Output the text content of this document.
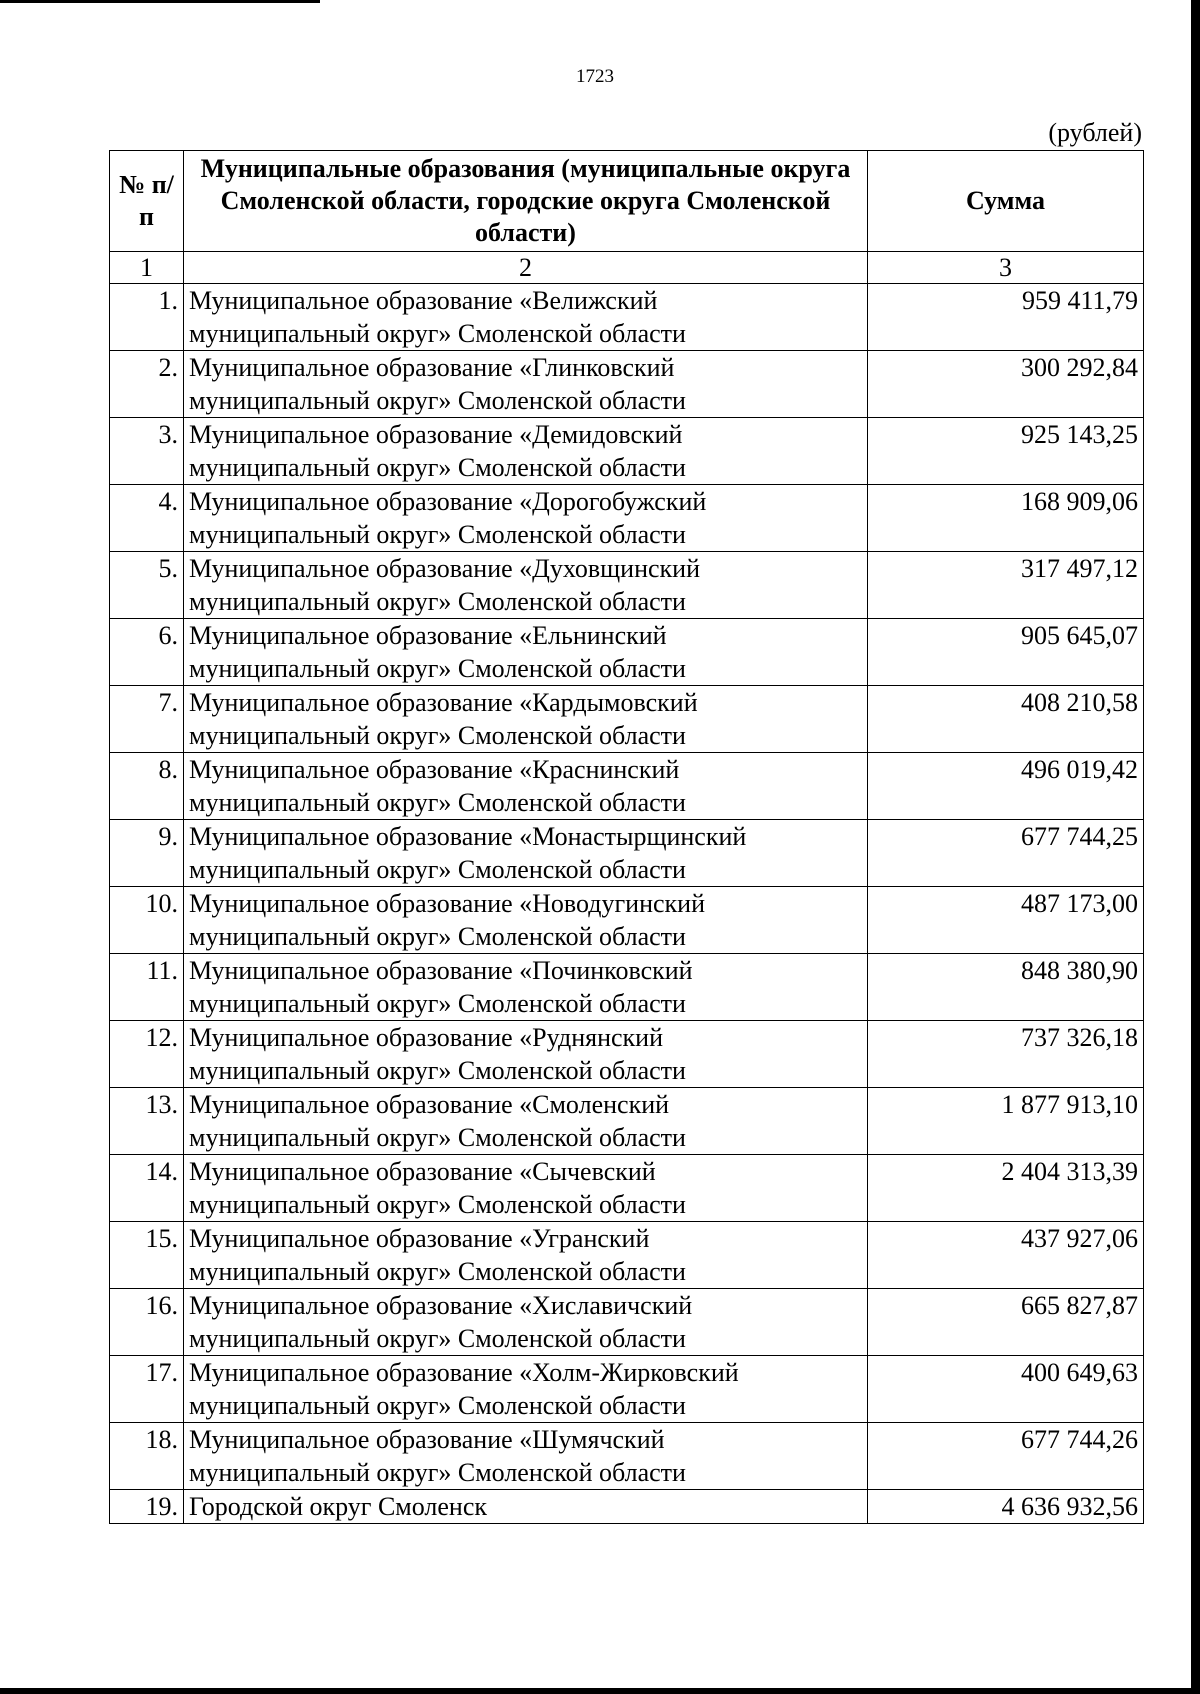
1723
(рублей)
№ п/п	Муниципальные образования (муниципальные округа Смоленской области, городские округа Смоленской области)	Сумма
1	2	3
1.	Муниципальное образование «Велижский
муниципальный округ» Смоленской области	959 411,79
2.	Муниципальное образование «Глинковский
муниципальный округ» Смоленской области	300 292,84
3.	Муниципальное образование «Демидовский
муниципальный округ» Смоленской области	925 143,25
4.	Муниципальное образование «Дорогобужский
муниципальный округ» Смоленской области	168 909,06
5.	Муниципальное образование «Духовщинский
муниципальный округ» Смоленской области	317 497,12
6.	Муниципальное образование «Ельнинский
муниципальный округ» Смоленской области	905 645,07
7.	Муниципальное образование «Кардымовский
муниципальный округ» Смоленской области	408 210,58
8.	Муниципальное образование «Краснинский
муниципальный округ» Смоленской области	496 019,42
9.	Муниципальное образование «Монастырщинский
муниципальный округ» Смоленской области	677 744,25
10.	Муниципальное образование «Новодугинский
муниципальный округ» Смоленской области	487 173,00
11.	Муниципальное образование «Починковский
муниципальный округ» Смоленской области	848 380,90
12.	Муниципальное образование «Руднянский
муниципальный округ» Смоленской области	737 326,18
13.	Муниципальное образование «Смоленский
муниципальный округ» Смоленской области	1 877 913,10
14.	Муниципальное образование «Сычевский
муниципальный округ» Смоленской области	2 404 313,39
15.	Муниципальное образование «Угранский
муниципальный округ» Смоленской области	437 927,06
16.	Муниципальное образование «Хиславичский
муниципальный округ» Смоленской области	665 827,87
17.	Муниципальное образование «Холм-Жирковский
муниципальный округ» Смоленской области	400 649,63
18.	Муниципальное образование «Шумячский
муниципальный округ» Смоленской области	677 744,26
19.	Городской округ Смоленск	4 636 932,56
